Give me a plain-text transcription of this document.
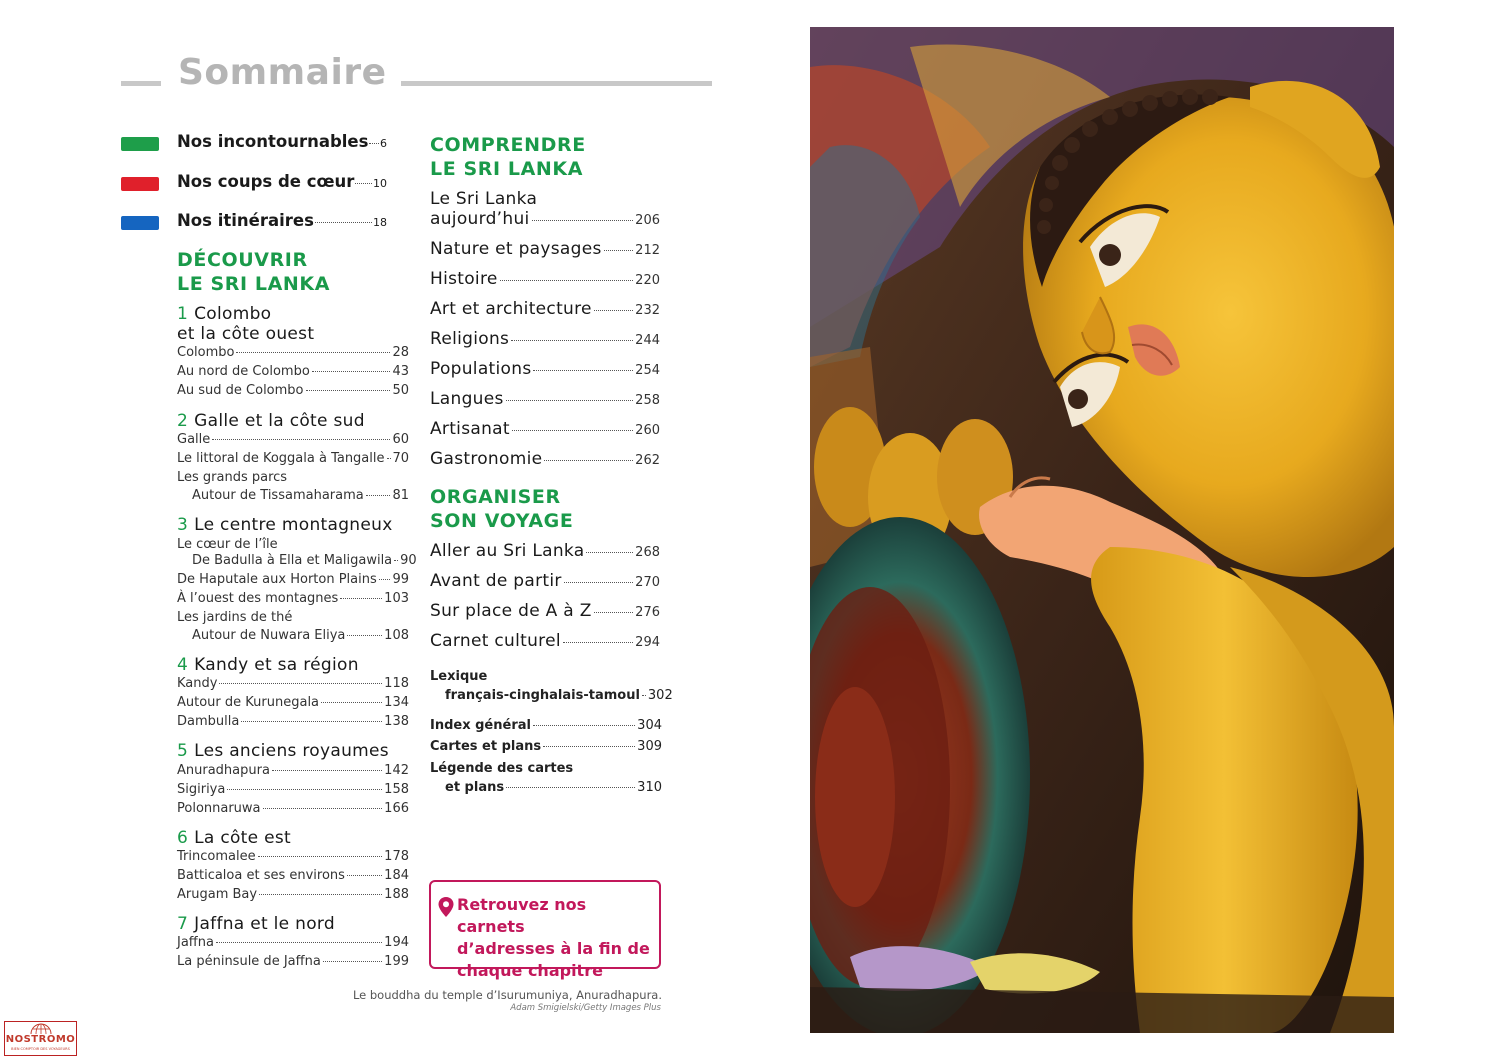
Sommaire
Nos incontournables 6
Nos coups de cœur 10
Nos itinéraires	18
DÉCOUVRIR
LE SRI LANKA
1 Colombo
et la côte ouest
Colombo	28
Au nord de Colombo	43
Au sud de Colombo	50
2 Galle et la côte sud
Galle	60
Le littoral de Koggala à Tangalle 70
Les grands parcs
Autour de Tissamaharama 81
3 Le centre montagneux
Le cœur de l’île
De Badulla à Ella et Maligawila 90
De Haputale aux Horton Plains 99
À l’ouest des montagnes	103
Les jardins de thé
Autour de Nuwara Eliya	108
4 Kandy et sa région
Kandy	118
Autour de Kurunegala	134
Dambulla	138
5 Les anciens royaumes
Anuradhapura	142
Sigiriya	158
Polonnaruwa	166
6 La côte est
Trincomalee	178
Batticaloa et ses environs	184
Arugam Bay	188
7 Jaffna et le nord
Jaffna	194
La péninsule de Jaffna	199
COMPRENDRE
LE SRI LANKA
Le Sri Lanka
aujourd’hui	206
Nature et paysages	212
Histoire	220
Art et architecture	232
Religions	244
Populations	254
Langues	258
Artisanat	260
Gastronomie	262
ORGANISER
SON VOYAGE
Aller au Sri Lanka	268
Avant de partir	270
Sur place de A à Z	276
Carnet culturel	294
Lexique
français-cinghalais-tamoul 302
Index général	304
Cartes et plans	309
Légende des cartes
et plans	310
Retrouvez nos carnets
d’adresses à la fin de
chaque chapitre
Le bouddha du temple d’Isurumuniya, Anuradhapura.
Adam Smigielski/Getty Images Plus
NOSTROMO
BIEN COMPTOIR DES VOYAGEURS
